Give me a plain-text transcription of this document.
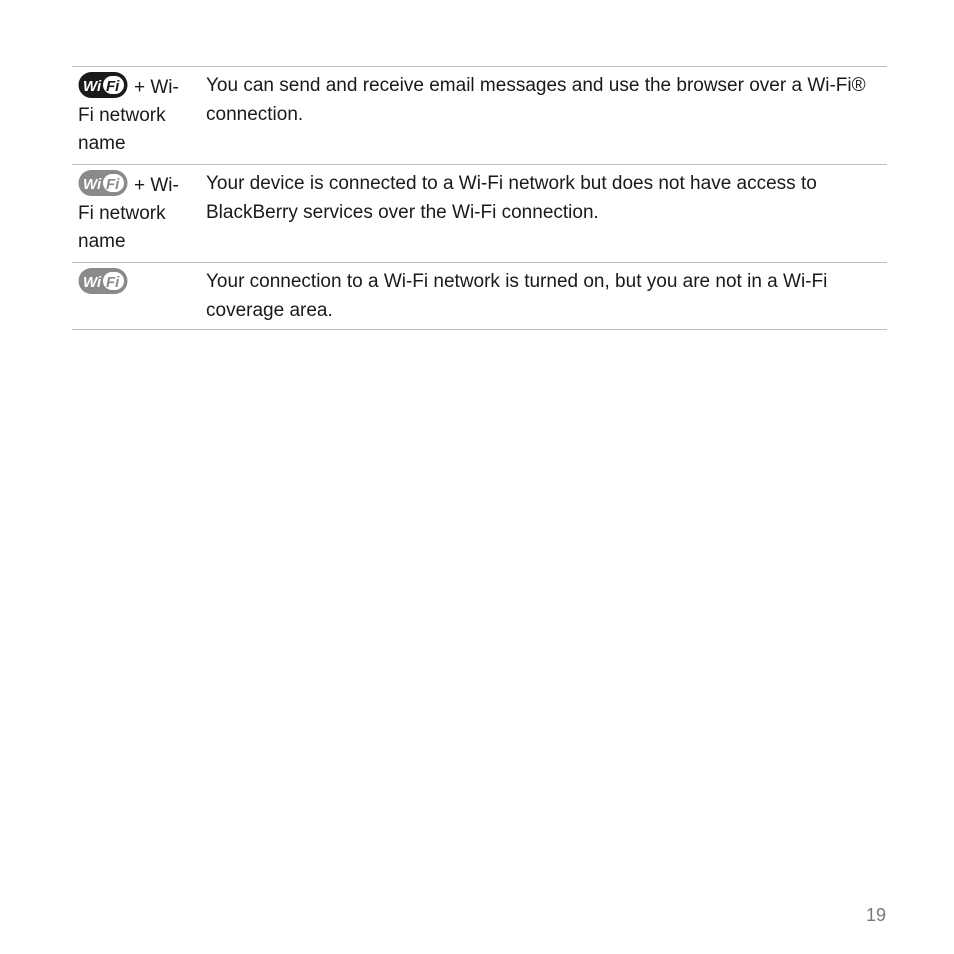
Wi Fi + Wi-
Fi network
name
You can send and receive email messages and use the browser over a Wi-Fi® connection.
Wi Fi + Wi-
Fi network
name
Your device is connected to a Wi-Fi network but does not have access to BlackBerry services over the Wi-Fi connection.
Wi Fi	Your connection to a Wi-Fi network is turned on, but you are not in a Wi-Fi coverage area.
19
